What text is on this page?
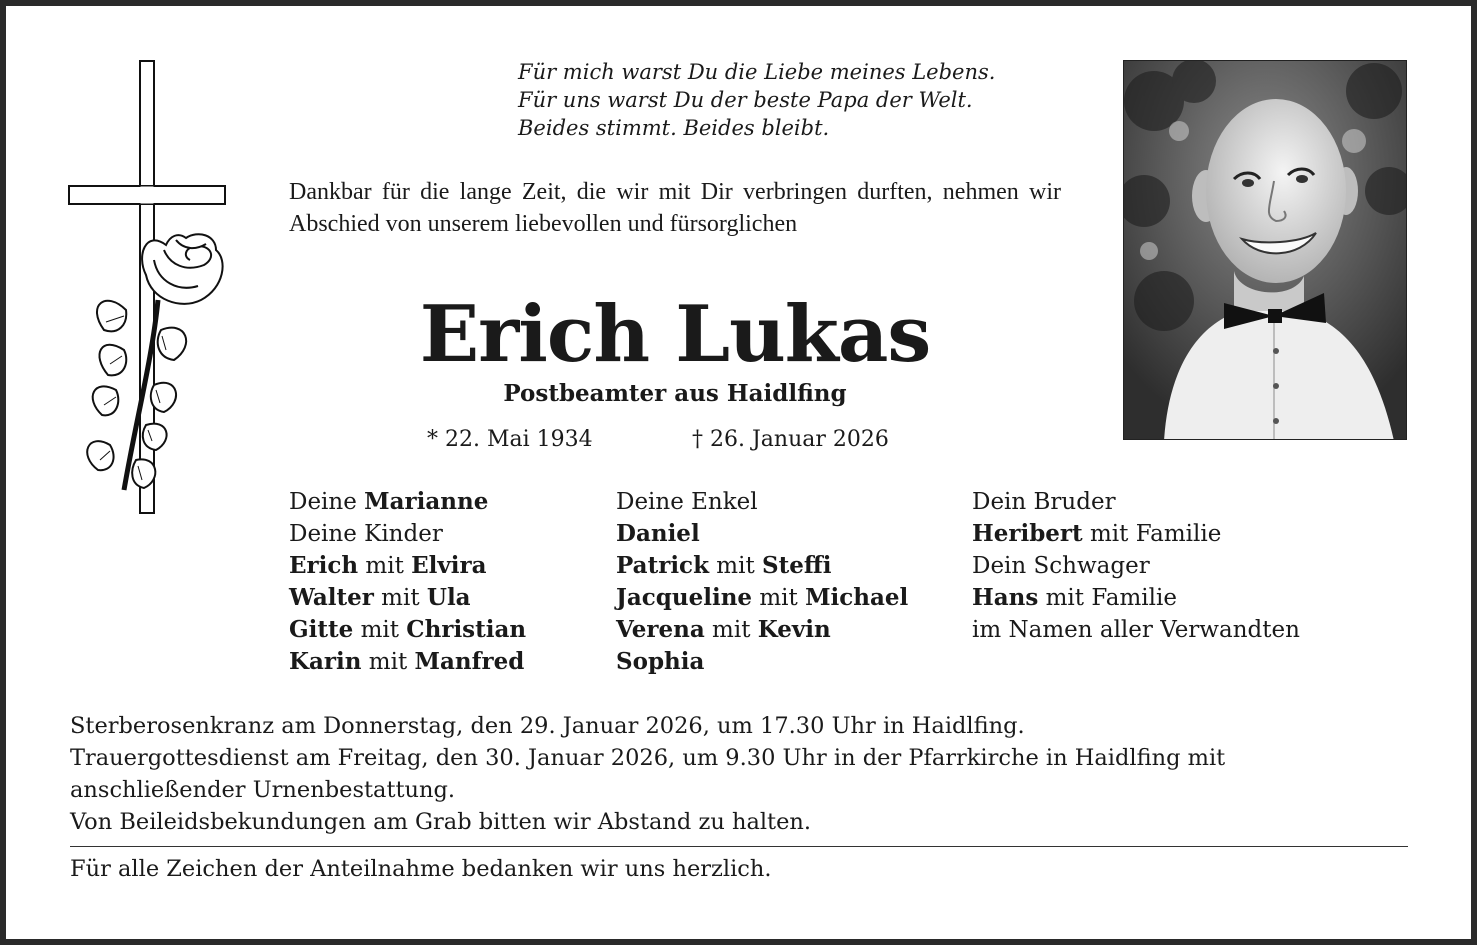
Für mich warst Du die Liebe meines Lebens.
Für uns warst Du der beste Papa der Welt.
Beides stimmt. Beides bleibt.
Dankbar für die lange Zeit, die wir mit Dir verbringen durften, nehmen wir Abschied von unserem liebevollen und fürsorglichen
Erich Lukas
Postbeamter aus Haidlfing
* 22. Mai 1934	† 26. Januar 2026
Deine Marianne
Deine Kinder
Erich mit Elvira
Walter mit Ula
Gitte mit Christian
Karin mit Manfred
Deine Enkel
Daniel
Patrick mit Steffi
Jacqueline mit Michael
Verena mit Kevin
Sophia
Dein Bruder
Heribert mit Familie
Dein Schwager
Hans mit Familie
im Namen aller Verwandten
Sterberosenkranz am Donnerstag, den 29. Januar 2026, um 17.30 Uhr in Haidlfing.
Trauergottesdienst am Freitag, den 30. Januar 2026, um 9.30 Uhr in der Pfarrkirche in Haidlfing mit
anschließender Urnenbestattung.
Von Beileidsbekundungen am Grab bitten wir Abstand zu halten.
Für alle Zeichen der Anteilnahme bedanken wir uns herzlich.
